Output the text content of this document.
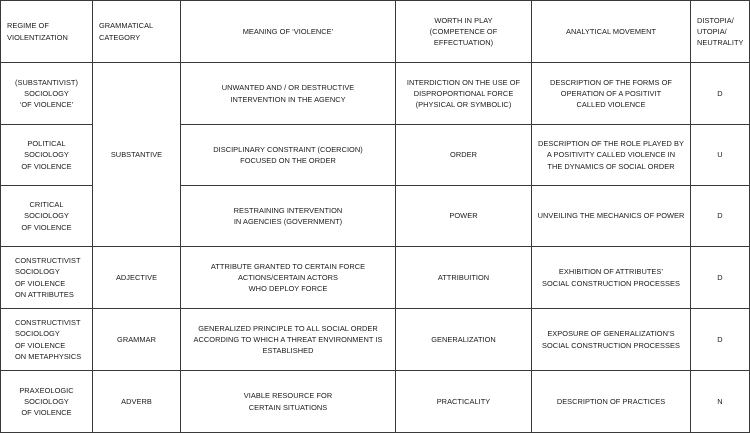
REGIME OF
VIOLENTIZATION	GRAMMATICAL
CATEGORY	MEANING OF ‘VIOLENCE’	WORTH IN PLAY
(COMPETENCE OF
EFFECTUATION)	ANALYTICAL MOVEMENT	DISTOPIA/
UTOPIA/
NEUTRALITY
(SUBSTANTIVIST)
SOCIOLOGY
‘OF VIOLENCE’	SUBSTANTIVE	UNWANTED AND / OR DESTRUCTIVE
INTERVENTION IN THE AGENCY	INTERDICTION ON THE USE OF
DISPROPORTIONAL FORCE
(PHYSICAL OR SYMBOLIC)	DESCRIPTION OF THE FORMS OF
OPERATION OF A POSITIVIT
CALLED VIOLENCE	D
POLITICAL
SOCIOLOGY
OF VIOLENCE		DISCIPLINARY CONSTRAINT (COERCION)
FOCUSED ON THE ORDER	ORDER	DESCRIPTION OF THE ROLE PLAYED BY
A POSITIVITY CALLED VIOLENCE IN
THE DYNAMICS OF SOCIAL ORDER	U
CRITICAL
SOCIOLOGY
OF VIOLENCE		RESTRAINING INTERVENTION
IN AGENCIES (GOVERNMENT)	POWER	UNVEILING THE MECHANICS OF POWER	D
CONSTRUCTIVIST
SOCIOLOGY
OF VIOLENCE
ON ATTRIBUTES	ADJECTIVE	ATTRIBUTE GRANTED TO CERTAIN FORCE
ACTIONS/CERTAIN ACTORS
WHO DEPLOY FORCE	ATTRIBUITION	EXHIBITION OF ATTRIBUTES’
SOCIAL CONSTRUCTION PROCESSES	D
CONSTRUCTIVIST
SOCIOLOGY
OF VIOLENCE
ON METAPHYSICS	GRAMMAR	GENERALIZED PRINCIPLE TO ALL SOCIAL ORDER
ACCORDING TO WHICH A THREAT ENVIRONMENT IS
ESTABLISHED	GENERALIZATION	EXPOSURE OF GENERALIZATION’S
SOCIAL CONSTRUCTION PROCESSES	D
PRAXEOLOGIC
SOCIOLOGY
OF VIOLENCE	ADVERB	VIABLE RESOURCE FOR
CERTAIN SITUATIONS	PRACTICALITY	DESCRIPTION OF PRACTICES	N
